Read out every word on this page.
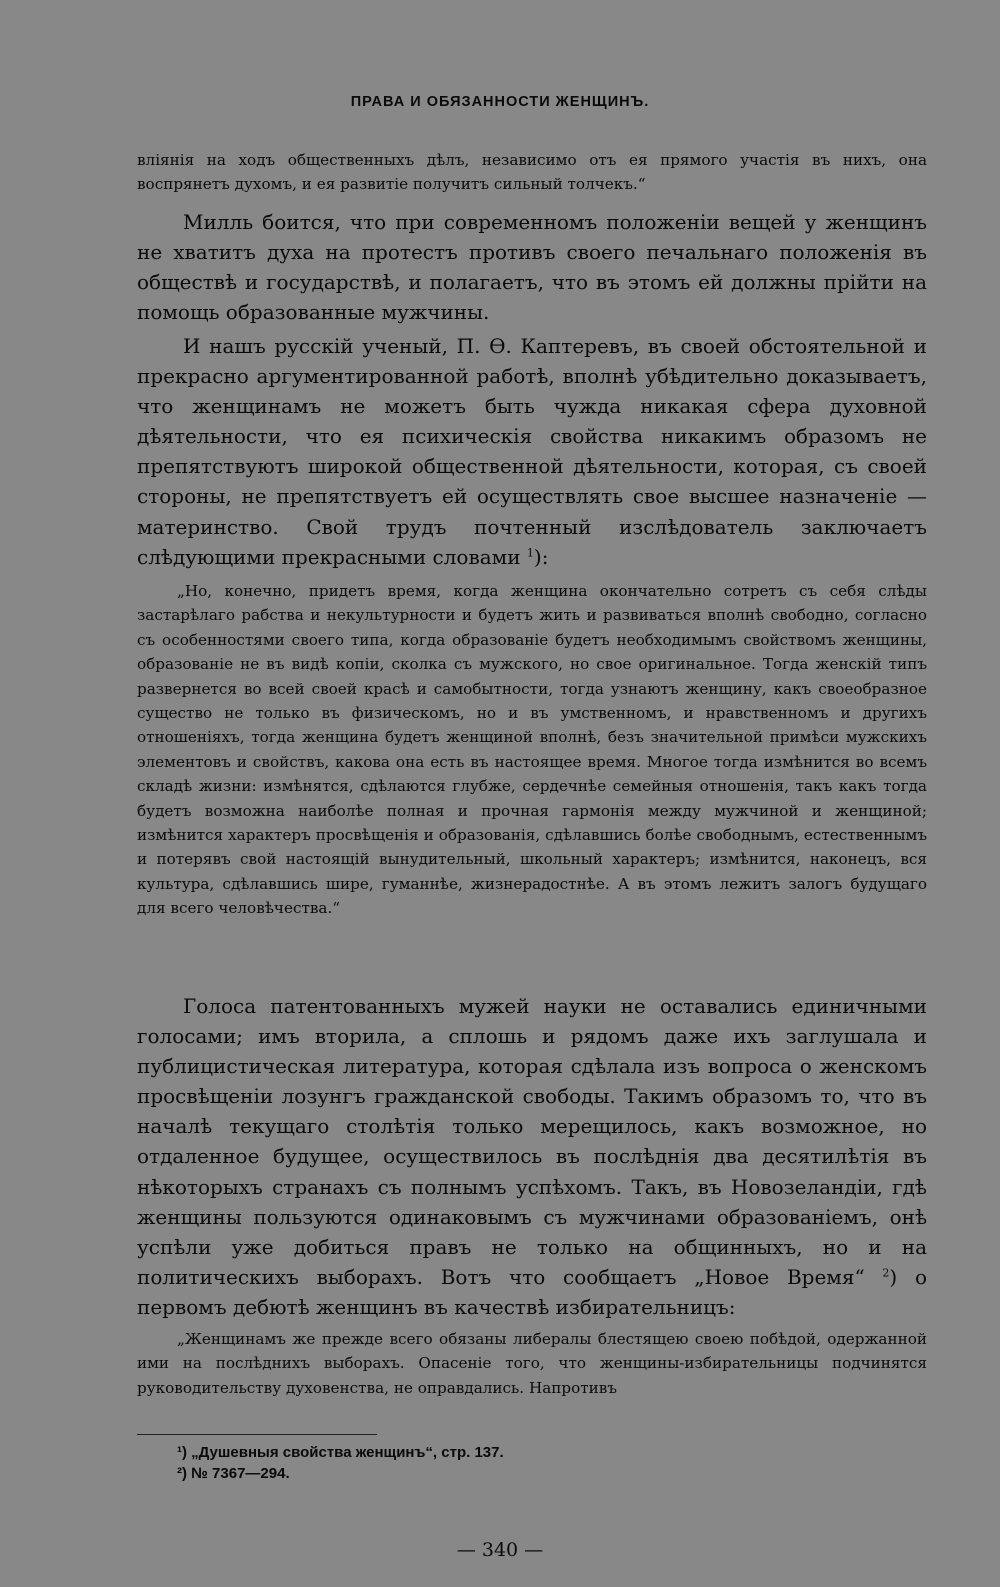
ПРАВА И ОБЯЗАННОСТИ ЖЕНЩИНЪ.

вліянія на ходъ общественныхъ дѣлъ, независимо отъ ея прямого участія въ нихъ, она воспрянетъ духомъ, и ея развитіе получитъ сильный толчекъ.“

Милль боится, что при современномъ положеніи вещей у женщинъ не хватитъ духа на протестъ противъ своего печальнаго положенія въ обществѣ и государствѣ, и полагаетъ, что въ этомъ ей должны прійти на помощь образованные мужчины.

И нашъ русскій ученый, П. Ѳ. Каптеревъ, въ своей обстоятельной и прекрасно аргументированной работѣ, вполнѣ убѣдительно доказываетъ, что женщинамъ не можетъ быть чужда никакая сфера духовной дѣятельности, что ея психическія свойства никакимъ образомъ не препятствуютъ широкой общественной дѣятельности, которая, съ своей стороны, не препятствуетъ ей осуществлять свое высшее назначеніе — материнство. Свой трудъ почтенный изслѣдователь заключаетъ слѣдующими прекрасными словами $^1$):

„Но, конечно, придетъ время, когда женщина окончательно сотретъ съ себя слѣды застарѣлаго рабства и некультурности и будетъ жить и развиваться вполнѣ свободно, согласно съ особенностями своего типа, когда образованіе будетъ необходимымъ свойствомъ женщины, образованіе не въ видѣ копіи, сколка съ мужского, но свое оригинальное. Тогда женскій типъ развернется во всей своей красѣ и самобытности, тогда узнаютъ женщину, какъ своеобразное существо не только въ физическомъ, но и въ умственномъ, и нравственномъ и другихъ отношеніяхъ, тогда женщина будетъ женщиной вполнѣ, безъ значительной примѣси мужскихъ элементовъ и свойствъ, какова она есть въ настоящее время. Многое тогда измѣнится во всемъ складѣ жизни: измѣнятся, сдѣлаются глубже, сердечнѣе семейныя отношенія, такъ какъ тогда будетъ возможна наиболѣе полная и прочная гармонія между мужчиной и женщиной; измѣнится характеръ просвѣщенія и образованія, сдѣлавшись болѣе свободнымъ, естественнымъ и потерявъ свой настоящій вынудительный, школьный характеръ; измѣнится, наконецъ, вся культура, сдѣлавшись шире, гуманнѣе, жизнерадостнѣе. А въ этомъ лежитъ залогъ будущаго для всего человѣчества.“

Голоса патентованныхъ мужей науки не оставались единичными голосами; имъ вторила, а сплошь и рядомъ даже ихъ заглушала и публицистическая литература, которая сдѣлала изъ вопроса о женскомъ просвѣщеніи лозунгъ гражданской свободы. Такимъ образомъ то, что въ началѣ текущаго столѣтія только мерещилось, какъ возможное, но отдаленное будущее, осуществилось въ послѣднія два десятилѣтія въ нѣкоторыхъ странахъ съ полнымъ успѣхомъ. Такъ, въ Новозеландіи, гдѣ женщины пользуются одинаковымъ съ мужчинами образованіемъ, онѣ успѣли уже добиться правъ не только на общинныхъ, но и на политическихъ выборахъ. Вотъ что сообщаетъ „Новое Время“ $^2$) о первомъ дебютѣ женщинъ въ качествѣ избирательницъ:

„Женщинамъ же прежде всего обязаны либералы блестящею своею побѣдой, одержанной ими на послѣднихъ выборахъ. Опасеніе того, что женщины-избирательницы подчинятся руководительству духовенства, не оправдались. Напротивъ

¹) „Душевныя свойства женщинъ“, стр. 137.
²) № 7367—294.
— 340 —
